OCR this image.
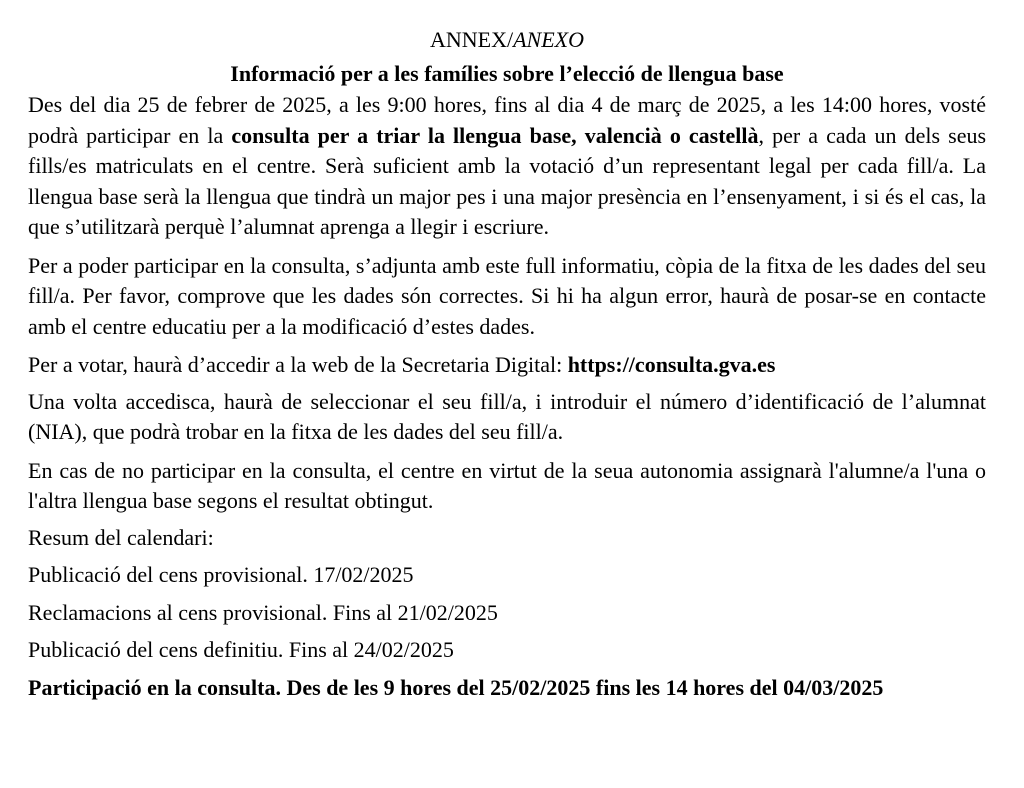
ANNEX/ANEXO

Informació per a les famílies sobre l’elecció de llengua base

Des del dia 25 de febrer de 2025, a les 9:00 hores, fins al dia 4 de març de 2025, a les 14:00 hores, vosté podrà participar en la consulta per a triar la llengua base, valencià o castellà, per a cada un dels seus fills/es matriculats en el centre. Serà suficient amb la votació d’un representant legal per cada fill/a. La llengua base serà la llengua que tindrà un major pes i una major presència en l’ensenyament, i si és el cas, la que s’utilitzarà perquè l’alumnat aprenga a llegir i escriure.

Per a poder participar en la consulta, s’adjunta amb este full informatiu, còpia de la fitxa de les dades del seu fill/a. Per favor, comprove que les dades són correctes. Si hi ha algun error, haurà de posar-se en contacte amb el centre educatiu per a la modificació d’estes dades.

Per a votar, haurà d’accedir a la web de la Secretaria Digital: https://consulta.gva.es

Una volta accedisca, haurà de seleccionar el seu fill/a, i introduir el número d’identificació de l’alumnat (NIA), que podrà trobar en la fitxa de les dades del seu fill/a.

En cas de no participar en la consulta, el centre en virtut de la seua autonomia assignarà l'alumne/a l'una o l'altra llengua base segons el resultat obtingut.

Resum del calendari:

Publicació del cens provisional. 17/02/2025

Reclamacions al cens provisional. Fins al 21/02/2025

Publicació del cens definitiu. Fins al 24/02/2025

Participació en la consulta. Des de les 9 hores del 25/02/2025 fins les 14 hores del 04/03/2025
